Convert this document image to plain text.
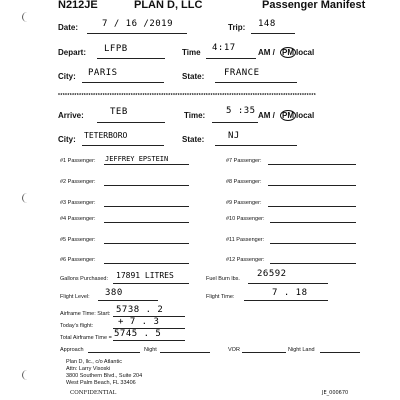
N212JE	PLAN D, LLC	Passenger Manifest
Date:	7 / 16 /2019	Trip: 148
Depart: LFPB	Time 4:17	AM / PM local
City: PARIS	State: FRANCE
**************************************************************************************************************
Arrive:	TEB	Time: 5 :35 AM / PM local
City: TETERBORO	State:	NJ
#1 Passenger: JEFFREY EPSTEIN
#2 Passenger:
#3 Passenger:
#4 Passenger:
#5 Passenger:
#6 Passenger:
#7 Passenger:
#8 Passenger:
#9 Passenger:
#10 Passenger:
#11 Passenger:
#12 Passenger:
Gallons Purchased: 17891 LITRES	Fuel Burn lbs. 26592
Flight Level: 380	Flight Time:	7 . 18
Airframe Time: Start: 5738 . 2
Today's flight:	+ 7 . 3
Total Airframe Time = 5745 . 5
Approach	Night	VOR	Night Land
Plan D, llc., c/o Atlantic
Attn: Larry Visoski
3800 Southern Blvd., Suite 204
West Palm Beach, FL 33406
CONFIDENTIAL	JE_000670
